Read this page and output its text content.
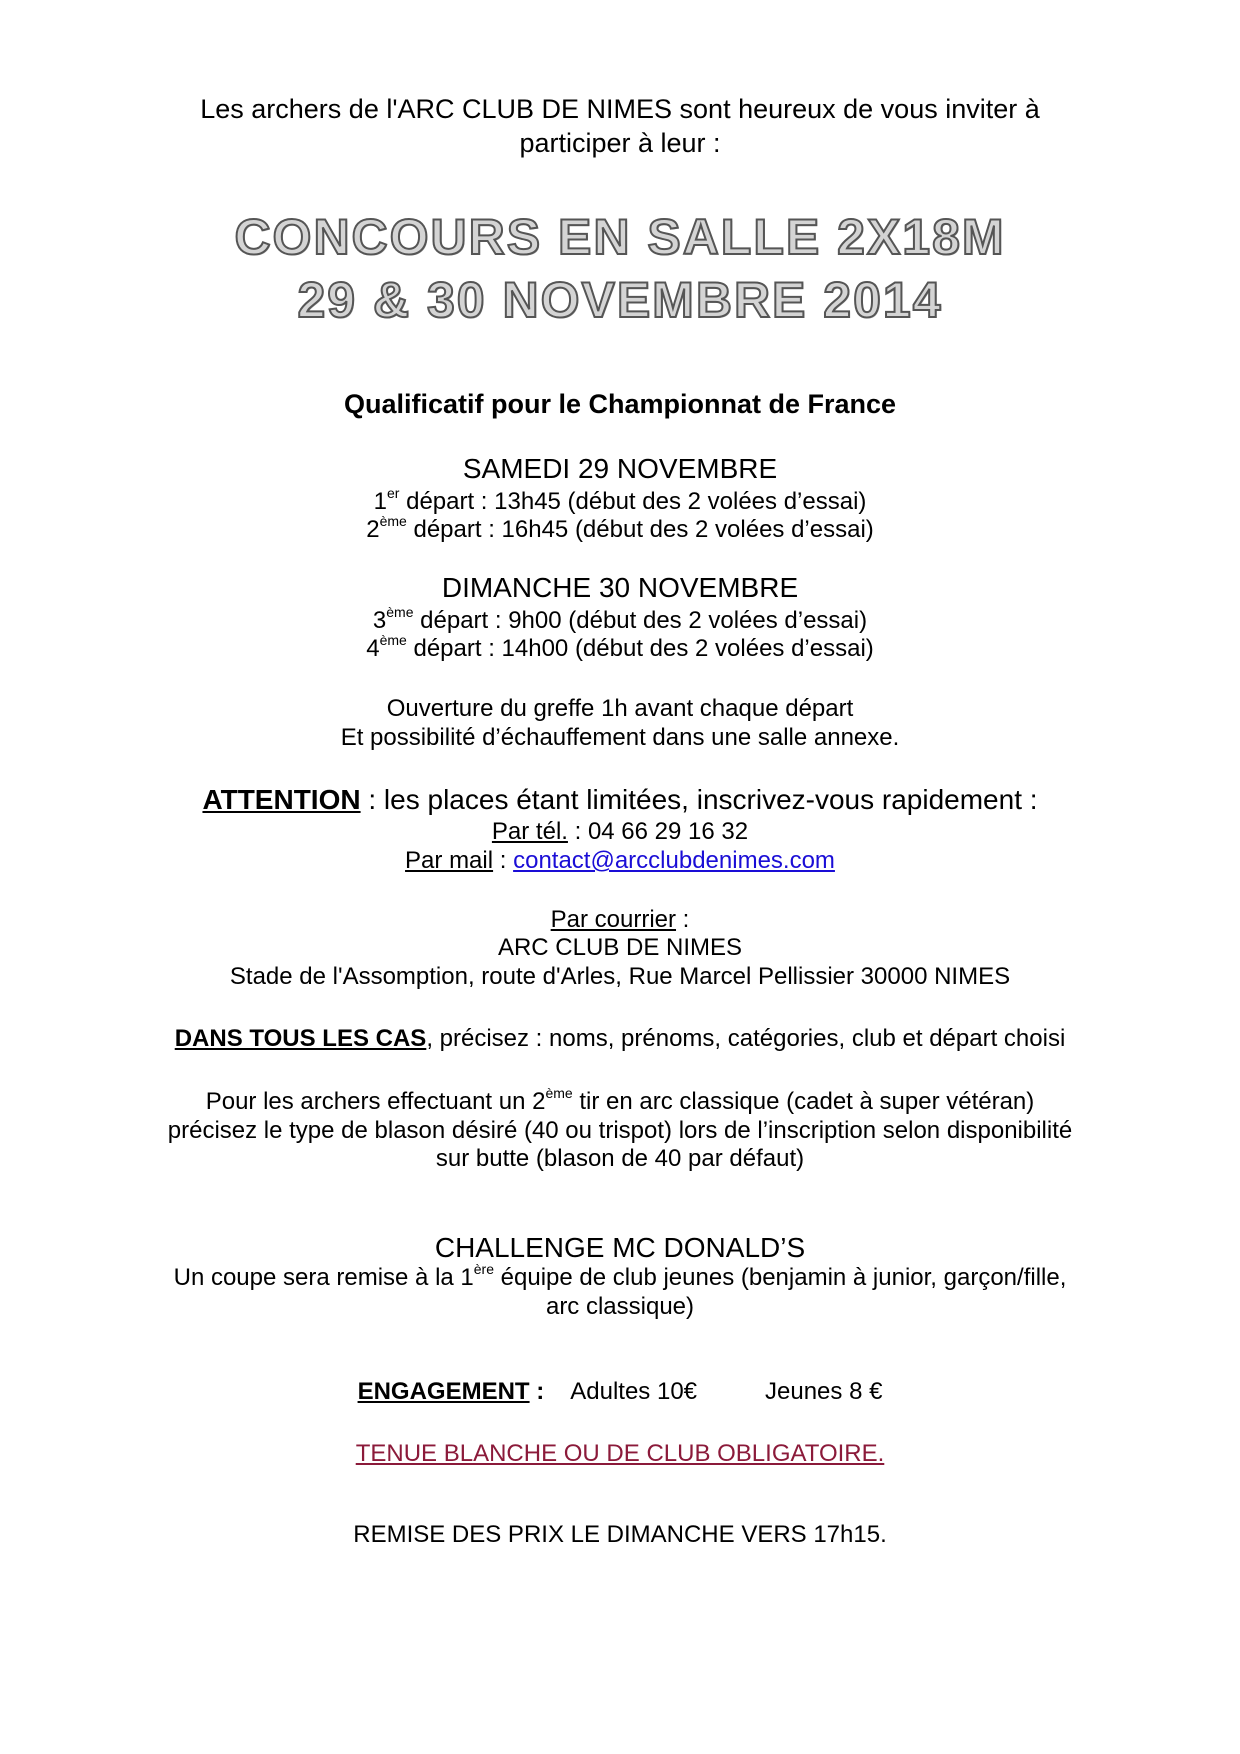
Les archers de l'ARC CLUB DE NIMES sont heureux de vous inviter à
participer à leur :
CONCOURS EN SALLE 2X18M
29 & 30 NOVEMBRE 2014
Qualificatif pour le Championnat de France
SAMEDI 29 NOVEMBRE
1er départ : 13h45 (début des 2 volées d’essai)
2ème départ : 16h45 (début des 2 volées d’essai)
DIMANCHE 30 NOVEMBRE
3ème départ : 9h00 (début des 2 volées d’essai)
4ème départ : 14h00 (début des 2 volées d’essai)
Ouverture du greffe 1h avant chaque départ
Et possibilité d’échauffement dans une salle annexe.
ATTENTION : les places étant limitées, inscrivez-vous rapidement :
Par tél. : 04 66 29 16 32
Par mail : contact@arcclubdenimes.com
Par courrier :
ARC CLUB DE NIMES
Stade de l'Assomption, route d'Arles, Rue Marcel Pellissier 30000 NIMES
DANS TOUS LES CAS, précisez : noms, prénoms, catégories, club et départ choisi
Pour les archers effectuant un 2ème tir en arc classique (cadet à super vétéran)
précisez le type de blason désiré (40 ou trispot) lors de l’inscription selon disponibilité
sur butte (blason de 40 par défaut)
CHALLENGE MC DONALD’S
Un coupe sera remise à la 1ère équipe de club jeunes (benjamin à junior, garçon/fille,
arc classique)
ENGAGEMENT : Adultes 10€	Jeunes 8 €
TENUE BLANCHE OU DE CLUB OBLIGATOIRE.
REMISE DES PRIX LE DIMANCHE VERS 17h15.
